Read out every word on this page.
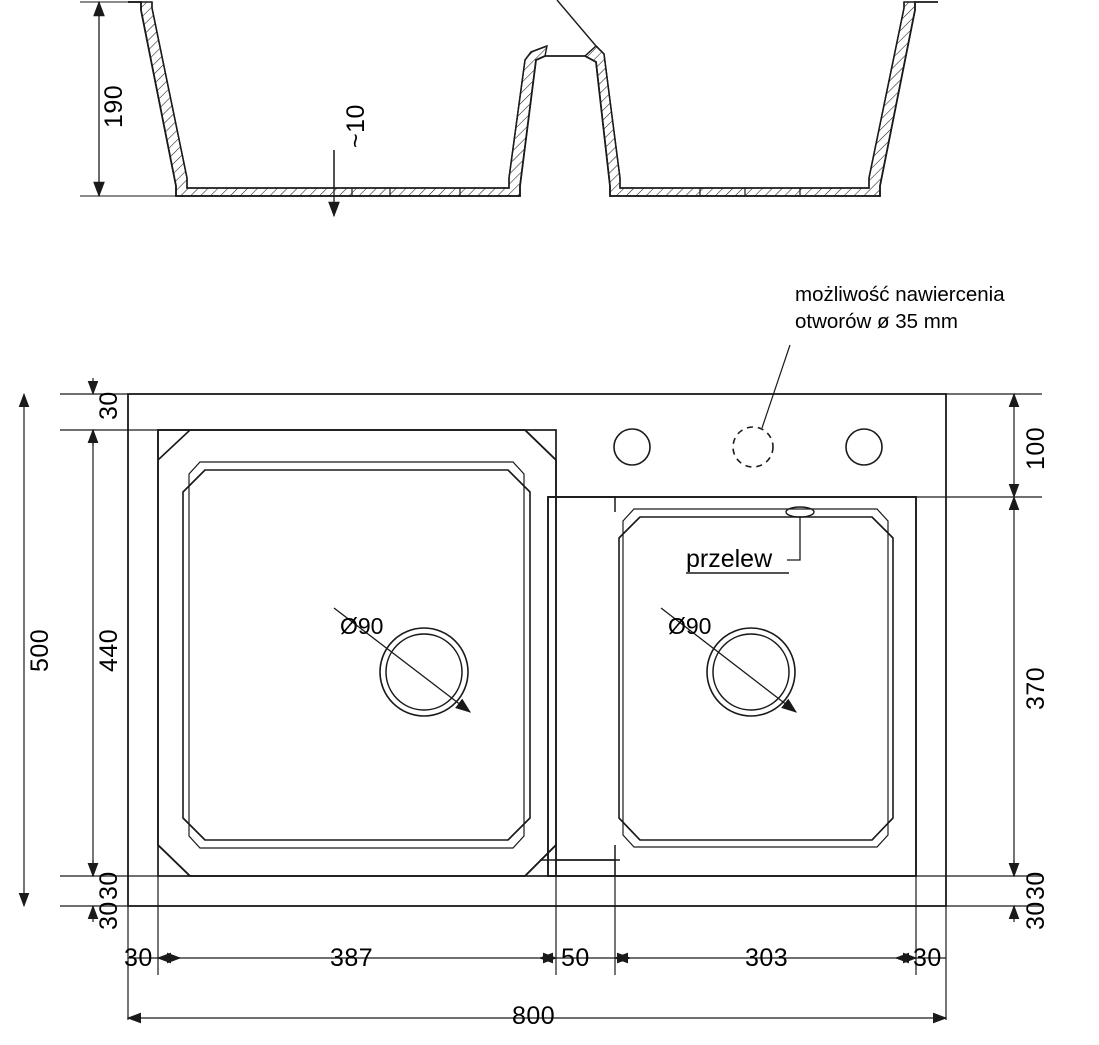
190	~10
możliwość nawiercenia
otworów ø 35 mm
500 440
30
30
30
100
370
30
30
30	387	50	303	30
800
Ø90	Ø90
przelew
